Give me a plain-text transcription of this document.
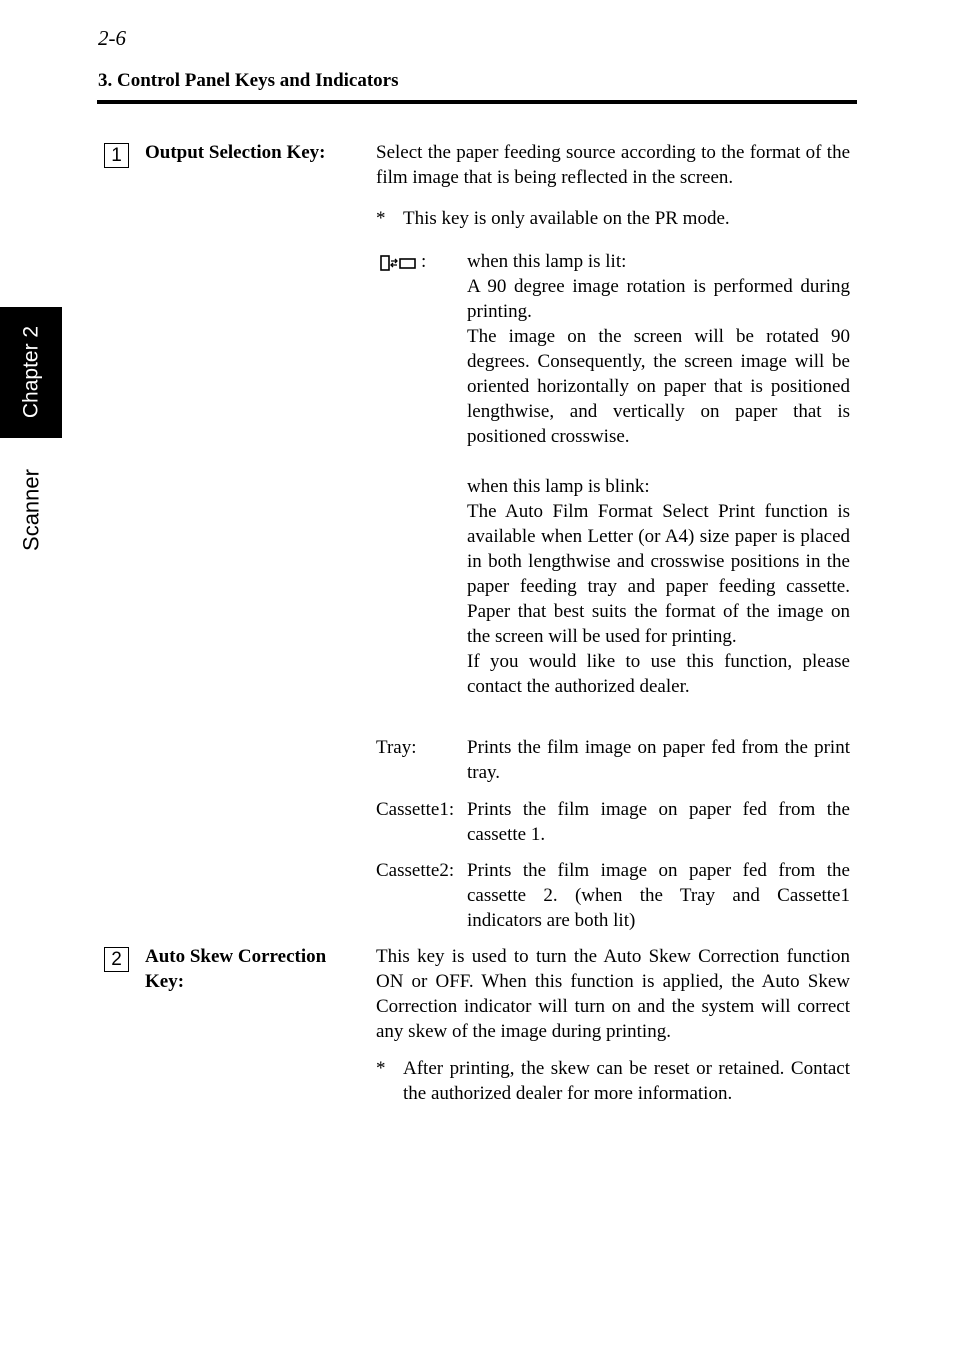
2-6
3. Control Panel Keys and Indicators
Chapter 2
Scanner
1	Output Selection Key:	Select the paper feeding source according to the format of the film image that is being reflected in the screen.
* This key is only available on the PR mode.
: when this lamp is lit:
A 90 degree image rotation is performed during printing.
The image on the screen will be rotated 90 degrees. Consequently, the screen image will be oriented horizontally on paper that is positioned lengthwise, and vertically on paper that is positioned crosswise.
when this lamp is blink:
The Auto Film Format Select Print function is available when Letter (or A4) size paper is placed in both lengthwise and crosswise positions in the paper feeding tray and paper feeding cassette. Paper that best suits the format of the image on the screen will be used for printing.
If you would like to use this function, please contact the authorized dealer.
Tray:	Prints the film image on paper fed from the print tray.
Cassette1: Prints the film image on paper fed from the cassette 1.
Cassette2: Prints the film image on paper fed from the cassette 2. (when the Tray and Cassette1 indicators are both lit)
2	Auto Skew Correction Key:
This key is used to turn the Auto Skew Correction function ON or OFF. When this function is applied, the Auto Skew Correction indicator will turn on and the system will correct any skew of the image during printing.
* After printing, the skew can be reset or retained. Contact the authorized dealer for more information.
